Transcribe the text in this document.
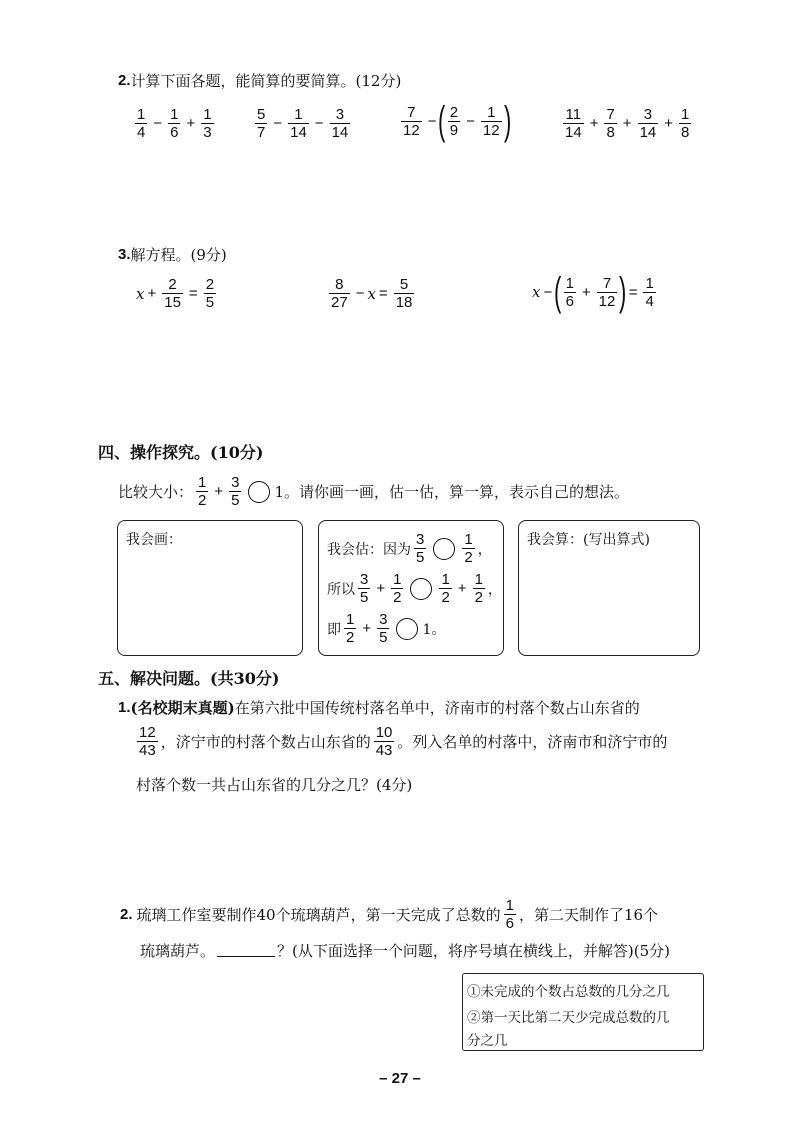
2. 计算下面各题，能简算的要简算。(12分)
$\frac{1}{4} - \frac{1}{6} + \frac{1}{3}$	$\frac{5}{7} - \frac{1}{14} - \frac{3}{14}$	$\frac{7}{12}$ − ( $\frac{2}{9} - \frac{1}{12}$ )	$\frac{11}{14} + \frac{7}{8} + \frac{3}{14} + \frac{1}{8}$
3. 解方程。(9分)
$x + \frac{2}{15} = \frac{2}{5}$	$\frac{8}{27} - x = \frac{5}{18}$	x − ( $\frac{1}{6} + \frac{7}{12}$ ) = $\frac{1}{4}$
四、操作探究。(10分)
比较大小： $\frac{1}{2} + \frac{3}{5} 1$。请你画一画，估一估，算一算，表示自己的想法。
我会画：
我会估：因为 $\frac{3}{5} \frac{1}{2}$ ，
所以 $\frac{3}{5} + \frac{1}{2} \frac{1}{2} + \frac{1}{2}$ ，
即 $\frac{1}{2} + \frac{3}{5} 1$。
我会算：(写出算式)
五、解决问题。(共30分)
1. (名校期末真题) 在第六批中国传统村落名单中，济南市的村落个数占山东省的
$\frac{12}{43}$ ，济宁市的村落个数占山东省的 $\frac{10}{43}$ 。列入名单的村落中，济南市和济宁市的
村落个数一共占山东省的几分之几？(4分)
2. 琉璃工作室要制作40个琉璃葫芦，第一天完成了总数的 $\frac{1}{6}$ ，第二天制作了16个
琉璃葫芦。	？(从下面选择一个问题，将序号填在横线上，并解答)(5分)
①未完成的个数占总数的几分之几
②第一天比第二天少完成总数的几
分之几
– 27 –
